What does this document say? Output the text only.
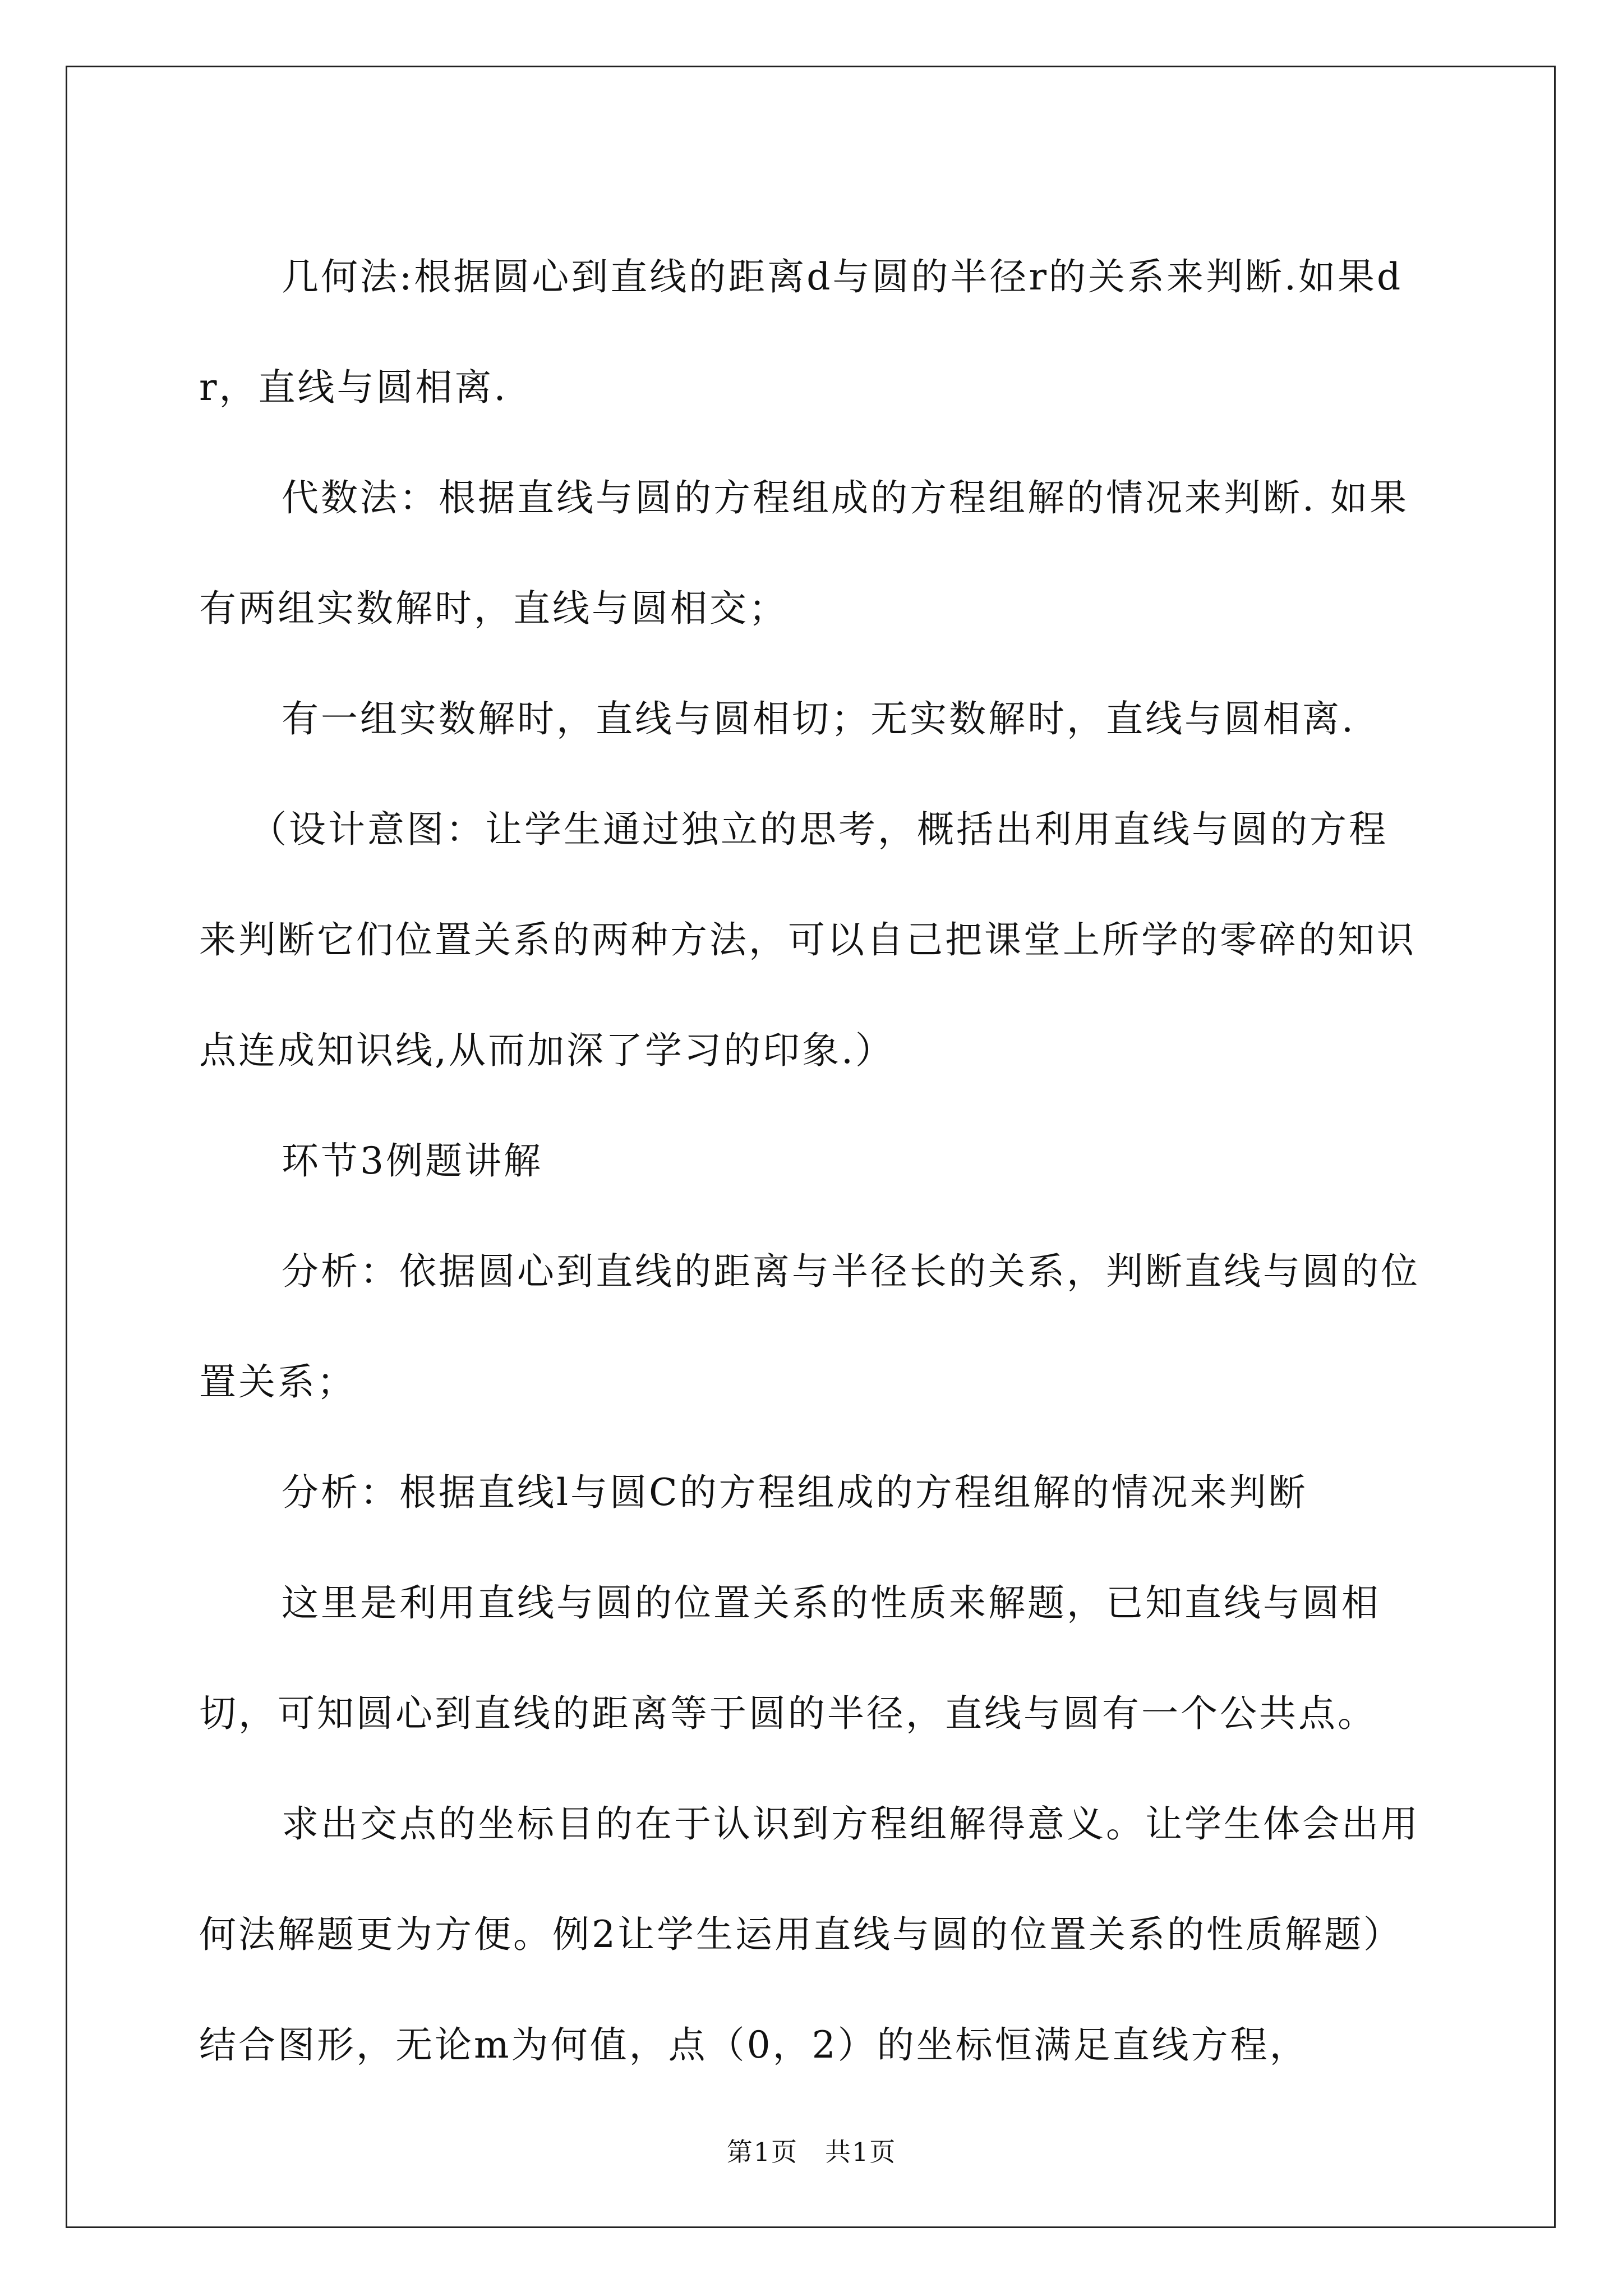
几何法:根据圆心到直线的距离d与圆的半径r的关系来判断.如果dr，直线与圆相离.

代数法：根据直线与圆的方程组成的方程组解的情况来判断. 如果有两组实数解时，直线与圆相交；

有一组实数解时，直线与圆相切；无实数解时，直线与圆相离.

（设计意图：让学生通过独立的思考，概括出利用直线与圆的方程来判断它们位置关系的两种方法，可以自己把课堂上所学的零碎的知识点连成知识线,从而加深了学习的印象.）

环节3例题讲解

分析：依据圆心到直线的距离与半径长的关系，判断直线与圆的位置关系；

分析：根据直线l与圆C的方程组成的方程组解的情况来判断

这里是利用直线与圆的位置关系的性质来解题，已知直线与圆相切，可知圆心到直线的距离等于圆的半径，直线与圆有一个公共点。

求出交点的坐标目的在于认识到方程组解得意义。让学生体会出用何法解题更为方便。例2让学生运用直线与圆的位置关系的性质解题）结合图形，无论m为何值，点（0，2）的坐标恒满足直线方程，

第1页　共1页
